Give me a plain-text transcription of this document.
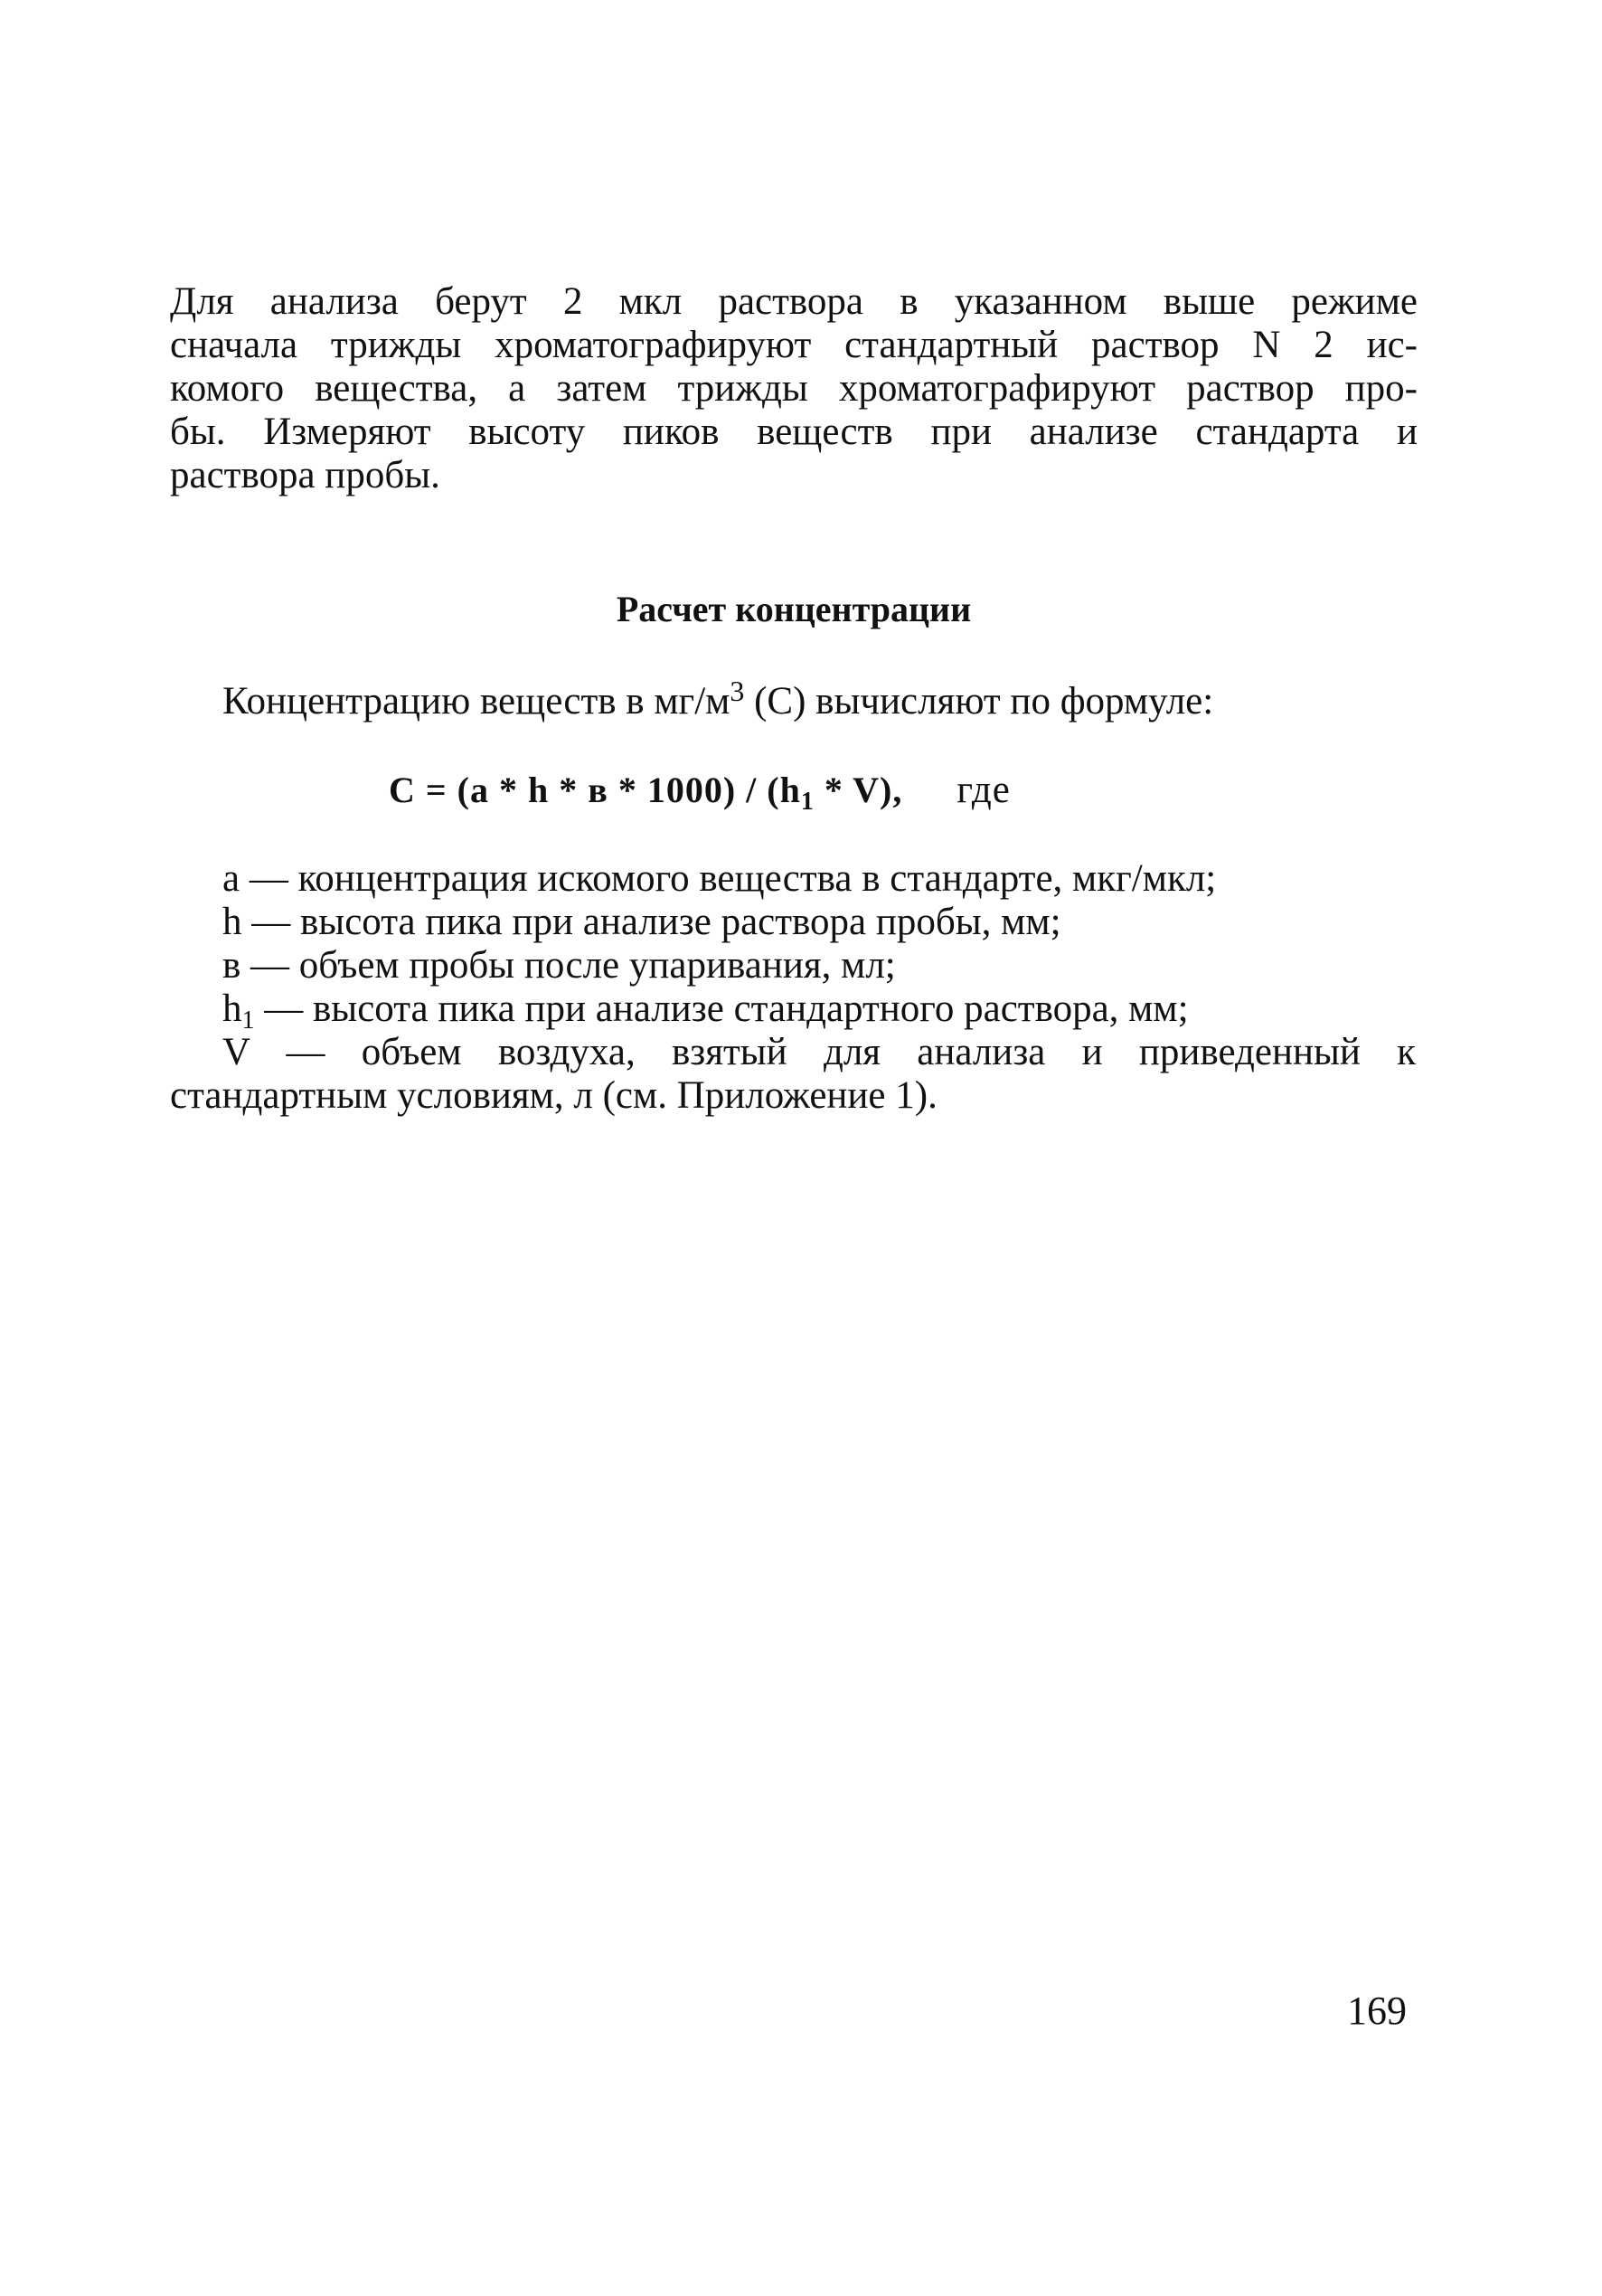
Для анализа берут 2 мкл раствора в указанном выше режиме
сначала трижды хроматографируют стандартный раствор N 2 ис-
комого вещества, а затем трижды хроматографируют раствор про-
бы. Измеряют высоту пиков веществ при анализе стандарта и
раствора пробы.
Расчет концентрации
Концентрацию веществ в $мг/м^3$ (С) вычисляют по формуле:
$С = (а * h * в * 1000) / (h_1 * V)$, где
а — концентрация искомого вещества в стандарте, мкг/мкл;
h — высота пика при анализе раствора пробы, мм;
в — объем пробы после упаривания, мл;
$h_1$ — высота пика при анализе стандартного раствора, мм;
V — объем воздуха, взятый для анализа и приведенный к
стандартным условиям, л (см. Приложение 1).
169
